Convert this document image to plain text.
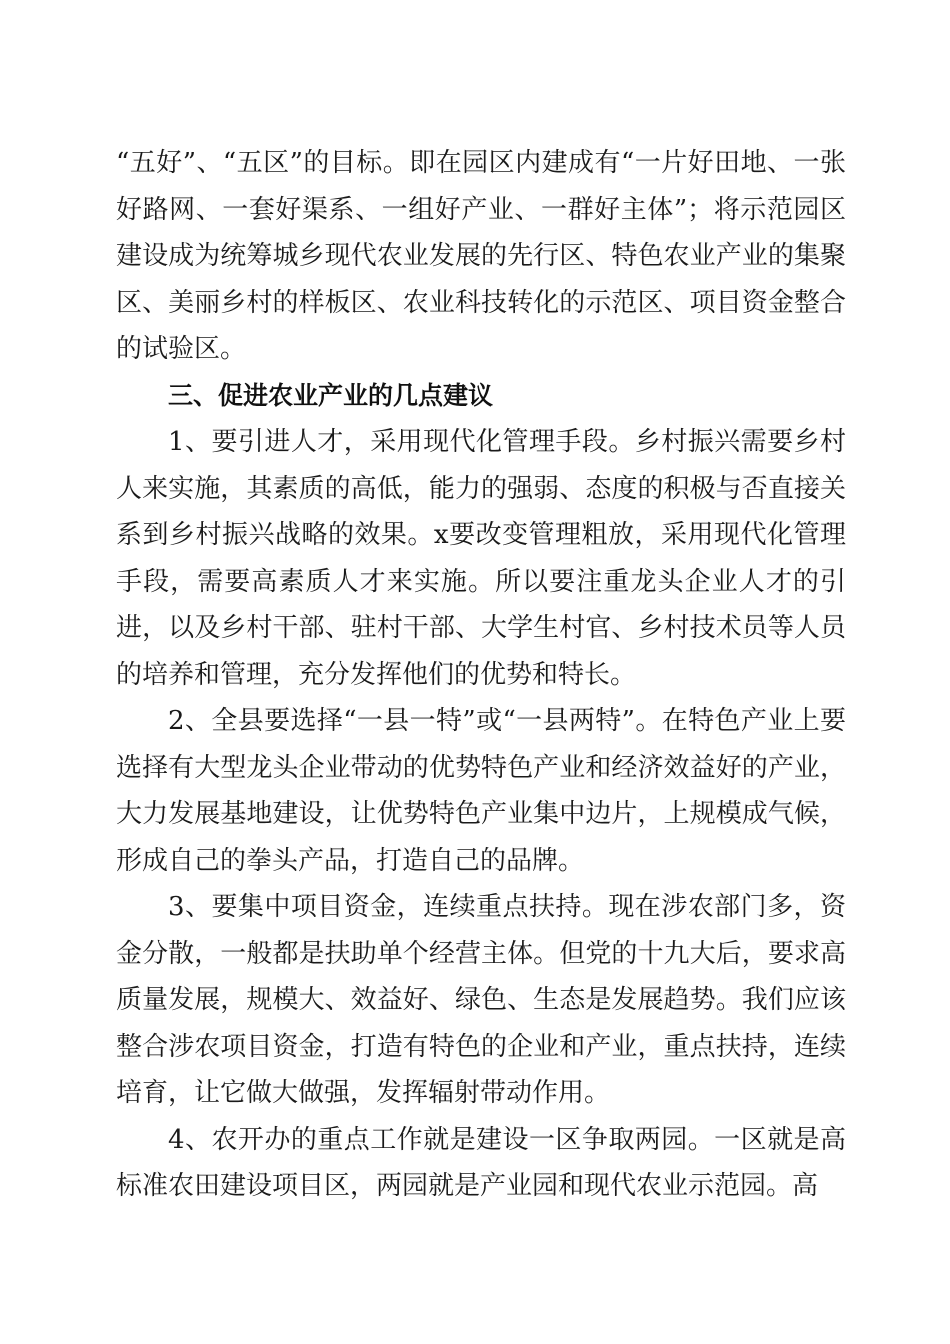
“五好”、“五区”的目标。即在园区内建成有“一片好田地、一张好路网、一套好渠系、一组好产业、一群好主体”；将示范园区建设成为统筹城乡现代农业发展的先行区、特色农业产业的集聚区、美丽乡村的样板区、农业科技转化的示范区、项目资金整合的试验区。

三、促进农业产业的几点建议

1、要引进人才，采用现代化管理手段。乡村振兴需要乡村人来实施，其素质的高低，能力的强弱、态度的积极与否直接关系到乡村振兴战略的效果。x要改变管理粗放，采用现代化管理手段，需要高素质人才来实施。所以要注重龙头企业人才的引进，以及乡村干部、驻村干部、大学生村官、乡村技术员等人员的培养和管理，充分发挥他们的优势和特长。

2、全县要选择“一县一特”或“一县两特”。在特色产业上要选择有大型龙头企业带动的优势特色产业和经济效益好的产业，大力发展基地建设，让优势特色产业集中边片，上规模成气候，形成自己的拳头产品，打造自己的品牌。

3、要集中项目资金，连续重点扶持。现在涉农部门多，资金分散，一般都是扶助单个经营主体。但党的十九大后，要求高质量发展，规模大、效益好、绿色、生态是发展趋势。我们应该整合涉农项目资金，打造有特色的企业和产业，重点扶持，连续培育，让它做大做强，发挥辐射带动作用。

4、农开办的重点工作就是建设一区争取两园。一区就是高标准农田建设项目区，两园就是产业园和现代农业示范园。高
